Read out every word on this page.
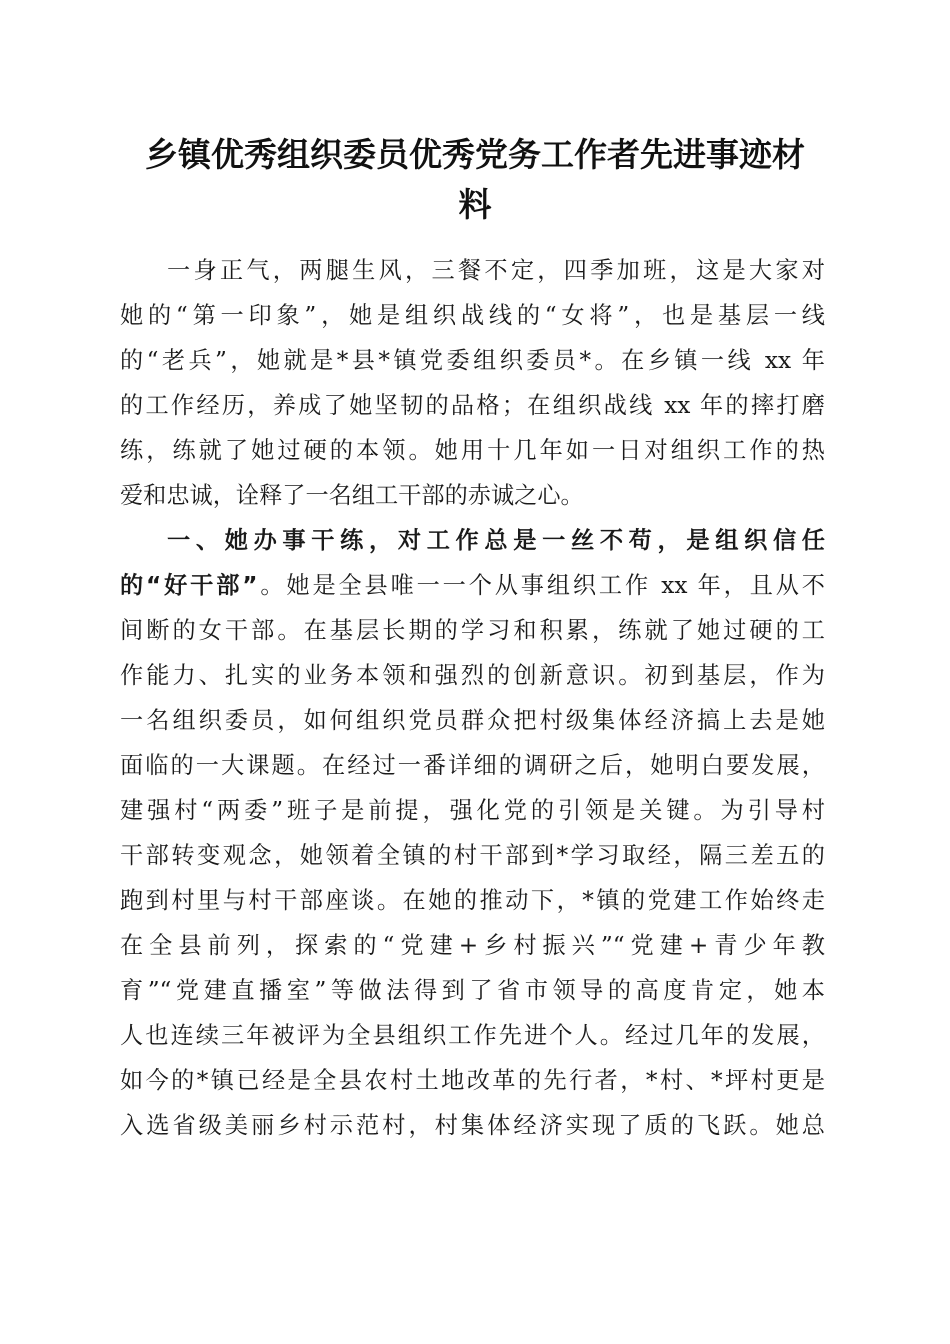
乡镇优秀组织委员优秀党务工作者先进事迹材
料
一身正气，两腿生风，三餐不定，四季加班，这是大家对
她的“第一印象”，她是组织战线的“女将”，也是基层一线
的“老兵”，她就是*县*镇党委组织委员*。在乡镇一线 xx 年
的工作经历，养成了她坚韧的品格；在组织战线 xx 年的摔打磨
练，练就了她过硬的本领。她用十几年如一日对组织工作的热
爱和忠诚，诠释了一名组工干部的赤诚之心。
一、她办事干练，对工作总是一丝不苟，是组织信任
的“好干部”。她是全县唯一一个从事组织工作 xx 年，且从不
间断的女干部。在基层长期的学习和积累，练就了她过硬的工
作能力、扎实的业务本领和强烈的创新意识。初到基层，作为
一名组织委员，如何组织党员群众把村级集体经济搞上去是她
面临的一大课题。在经过一番详细的调研之后，她明白要发展，
建强村“两委”班子是前提，强化党的引领是关键。为引导村
干部转变观念，她领着全镇的村干部到*学习取经，隔三差五的
跑到村里与村干部座谈。在她的推动下，*镇的党建工作始终走
在全县前列，探索的“党建+乡村振兴”“党建+青少年教
育”“党建直播室”等做法得到了省市领导的高度肯定，她本
人也连续三年被评为全县组织工作先进个人。经过几年的发展，
如今的*镇已经是全县农村土地改革的先行者，*村、*坪村更是
入选省级美丽乡村示范村，村集体经济实现了质的飞跃。她总
